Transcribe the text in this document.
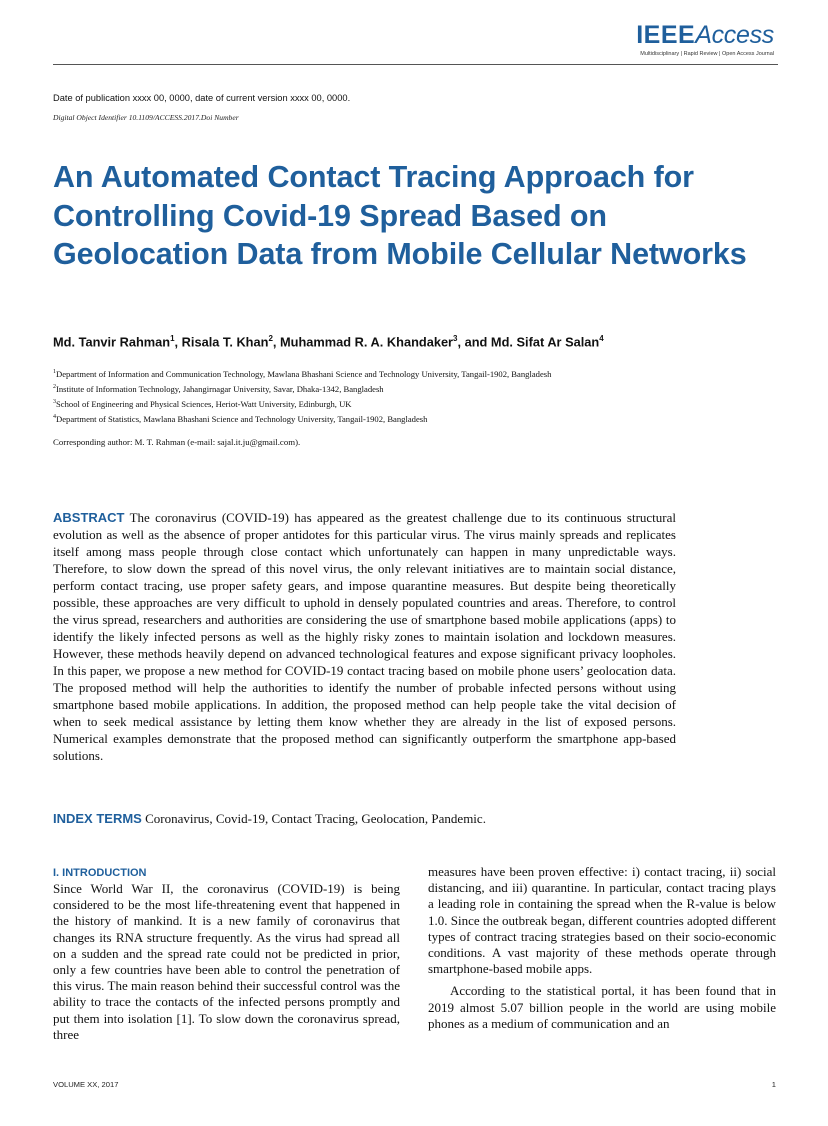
IEEEAccess
Multidisciplinary | Rapid Review | Open Access Journal
Date of publication xxxx 00, 0000, date of current version xxxx 00, 0000.
Digital Object Identifier 10.1109/ACCESS.2017.Doi Number
An Automated Contact Tracing Approach for Controlling Covid-19 Spread Based on Geolocation Data from Mobile Cellular Networks
Md. Tanvir Rahman$^1$, Risala T. Khan$^2$, Muhammad R. A. Khandaker$^3$, and Md. Sifat Ar Salan$^4$
$^1$Department of Information and Communication Technology, Mawlana Bhashani Science and Technology University, Tangail-1902, Bangladesh
$^2$Institute of Information Technology, Jahangirnagar University, Savar, Dhaka-1342, Bangladesh
$^3$School of Engineering and Physical Sciences, Heriot-Watt University, Edinburgh, UK
$^4$Department of Statistics, Mawlana Bhashani Science and Technology University, Tangail-1902, Bangladesh
Corresponding author: M. T. Rahman (e-mail: sajal.it.ju@gmail.com).
ABSTRACT The coronavirus (COVID-19) has appeared as the greatest challenge due to its continuous structural evolution as well as the absence of proper antidotes for this particular virus. The virus mainly spreads and replicates itself among mass people through close contact which unfortunately can happen in many unpredictable ways. Therefore, to slow down the spread of this novel virus, the only relevant initiatives are to maintain social distance, perform contact tracing, use proper safety gears, and impose quarantine measures. But despite being theoretically possible, these approaches are very difficult to uphold in densely populated countries and areas. Therefore, to control the virus spread, researchers and authorities are considering the use of smartphone based mobile applications (apps) to identify the likely infected persons as well as the highly risky zones to maintain isolation and lockdown measures. However, these methods heavily depend on advanced technological features and expose significant privacy loopholes. In this paper, we propose a new method for COVID-19 contact tracing based on mobile phone users’ geolocation data. The proposed method will help the authorities to identify the number of probable infected persons without using smartphone based mobile applications. In addition, the proposed method can help people take the vital decision of when to seek medical assistance by letting them know whether they are already in the list of exposed persons. Numerical examples demonstrate that the proposed method can significantly outperform the smartphone app-based solutions.
INDEX TERMS Coronavirus, Covid-19, Contact Tracing, Geolocation, Pandemic.
I. INTRODUCTION

Since World War II, the coronavirus (COVID-19) is being considered to be the most life-threatening event that happened in the history of mankind. It is a new family of coronavirus that changes its RNA structure frequently. As the virus had spread all on a sudden and the spread rate could not be predicted in prior, only a few countries have been able to control the penetration of this virus. The main reason behind their successful control was the ability to trace the contacts of the infected persons promptly and put them into isolation [1]. To slow down the coronavirus spread, three

measures have been proven effective: i) contact tracing, ii) social distancing, and iii) quarantine. In particular, contact tracing plays a leading role in containing the spread when the R-value is below 1.0. Since the outbreak began, different countries adopted different types of contract tracing strategies based on their socio-economic conditions. A vast majority of these methods operate through smartphone-based mobile apps.

According to the statistical portal, it has been found that in 2019 almost 5.07 billion people in the world are using mobile phones as a medium of communication and an

VOLUME XX, 2017	1
